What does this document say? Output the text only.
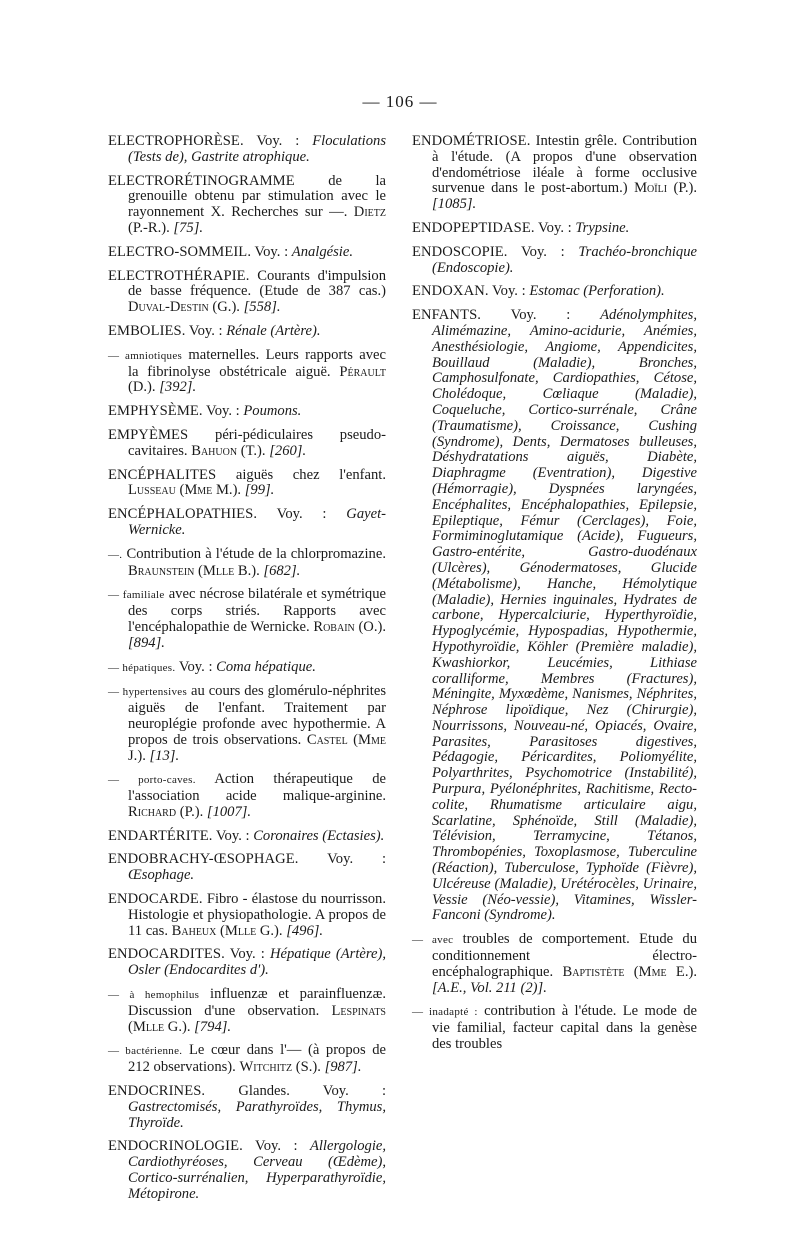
— 106 —

ELECTROPHORÈSE. Voy. : Floculations (Tests de), Gastrite atrophique.

ELECTRORÉTINOGRAMME de la grenouille obtenu par stimulation avec le rayonnement X. Recherches sur —. Dietz (P.-R.). [75].

ELECTRO-SOMMEIL. Voy. : Analgésie.

ELECTROTHÉRAPIE. Courants d'impulsion de basse fréquence. (Etude de 387 cas.) Duval-Destin (G.). [558].

EMBOLIES. Voy. : Rénale (Artère).

— amniotiques maternelles. Leurs rapports avec la fibrinolyse obstétricale aiguë. Pérault (D.). [392].

EMPHYSÈME. Voy. : Poumons.

EMPYÈMES péri-pédiculaires pseudo-cavitaires. Bahuon (T.). [260].

ENCÉPHALITES aiguës chez l'enfant. Lusseau (Mme M.). [99].

ENCÉPHALOPATHIES. Voy. : Gayet-Wernicke.

—. Contribution à l'étude de la chlorpromazine. Braunstein (Mlle B.). [682].

— familiale avec nécrose bilatérale et symétrique des corps striés. Rapports avec l'encéphalopathie de Wernicke. Robain (O.). [894].

— hépatiques. Voy. : Coma hépatique.

— hypertensives au cours des glomérulo-néphrites aiguës de l'enfant. Traitement par neuroplégie profonde avec hypothermie. A propos de trois observations. Castel (Mme J.). [13].

— porto-caves. Action thérapeutique de l'association acide malique-arginine. Richard (P.). [1007].

ENDARTÉRITE. Voy. : Coronaires (Ectasies).

ENDOBRACHY-ŒSOPHAGE. Voy. : Œsophage.

ENDOCARDE. Fibro - élastose du nourrisson. Histologie et physiopathologie. A propos de 11 cas. Baheux (Mlle G.). [496].

ENDOCARDITES. Voy. : Hépatique (Artère), Osler (Endocardites d').

— à hemophilus influenzæ et parainfluenzæ. Discussion d'une observation. Lespinats (Mlle G.). [794].

— bactérienne. Le cœur dans l'— (à propos de 212 observations). Witchitz (S.). [987].

ENDOCRINES. Glandes. Voy. : Gastrectomisés, Parathyroïdes, Thymus, Thyroïde.

ENDOCRINOLOGIE. Voy. : Allergologie, Cardiothyréoses, Cerveau (Œdème), Cortico-surrénalien, Hyperparathyroïdie, Métopirone.

ENDOMÉTRIOSE. Intestin grêle. Contribution à l'étude. (A propos d'une observation d'endométriose iléale à forme occlusive survenue dans le post-abortum.) Moïli (P.). [1085].

ENDOPEPTIDASE. Voy. : Trypsine.

ENDOSCOPIE. Voy. : Trachéo-bronchique (Endoscopie).

ENDOXAN. Voy. : Estomac (Perforation).

ENFANTS. Voy. : Adénolymphites, Alimémazine, Amino-acidurie, Anémies, Anesthésiologie, Angiome, Appendicites, Bouillaud (Maladie), Bronches, Camphosulfonate, Cardiopathies, Cétose, Cholédoque, Cœliaque (Maladie), Coqueluche, Cortico-surrénale, Crâne (Traumatisme), Croissance, Cushing (Syndrome), Dents, Dermatoses bulleuses, Déshydratations aiguës, Diabète, Diaphragme (Eventration), Digestive (Hémorragie), Dyspnées laryngées, Encéphalites, Encéphalopathies, Epilepsie, Epileptique, Fémur (Cerclages), Foie, Formiminoglutamique (Acide), Fugueurs, Gastro-entérite, Gastro-duodénaux (Ulcères), Génodermatoses, Glucide (Métabolisme), Hanche, Hémolytique (Maladie), Hernies inguinales, Hydrates de carbone, Hypercalciurie, Hyperthyroïdie, Hypoglycémie, Hypospadias, Hypothermie, Hypothyroïdie, Köhler (Première maladie), Kwashiorkor, Leucémies, Lithiase coralliforme, Membres (Fractures), Méningite, Myxœdème, Nanismes, Néphrites, Néphrose lipoïdique, Nez (Chirurgie), Nourrissons, Nouveau-né, Opiacés, Ovaire, Parasites, Parasitoses digestives, Pédagogie, Péricardites, Poliomyélite, Polyarthrites, Psychomotrice (Instabilité), Purpura, Pyélonéphrites, Rachitisme, Recto-colite, Rhumatisme articulaire aigu, Scarlatine, Sphénoïde, Still (Maladie), Télévision, Terramycine, Tétanos, Thrombopénies, Toxoplasmose, Tuberculine (Réaction), Tuberculose, Typhoïde (Fièvre), Ulcéreuse (Maladie), Urétérocèles, Urinaire, Vessie (Néo-vessie), Vitamines, Wissler-Fanconi (Syndrome).

— avec troubles de comportement. Etude du conditionnement électro-encéphalographique. Baptistète (Mme E.). [A.E., Vol. 211 (2)].

— inadapté : contribution à l'étude. Le mode de vie familial, facteur capital dans la genèse des troubles
